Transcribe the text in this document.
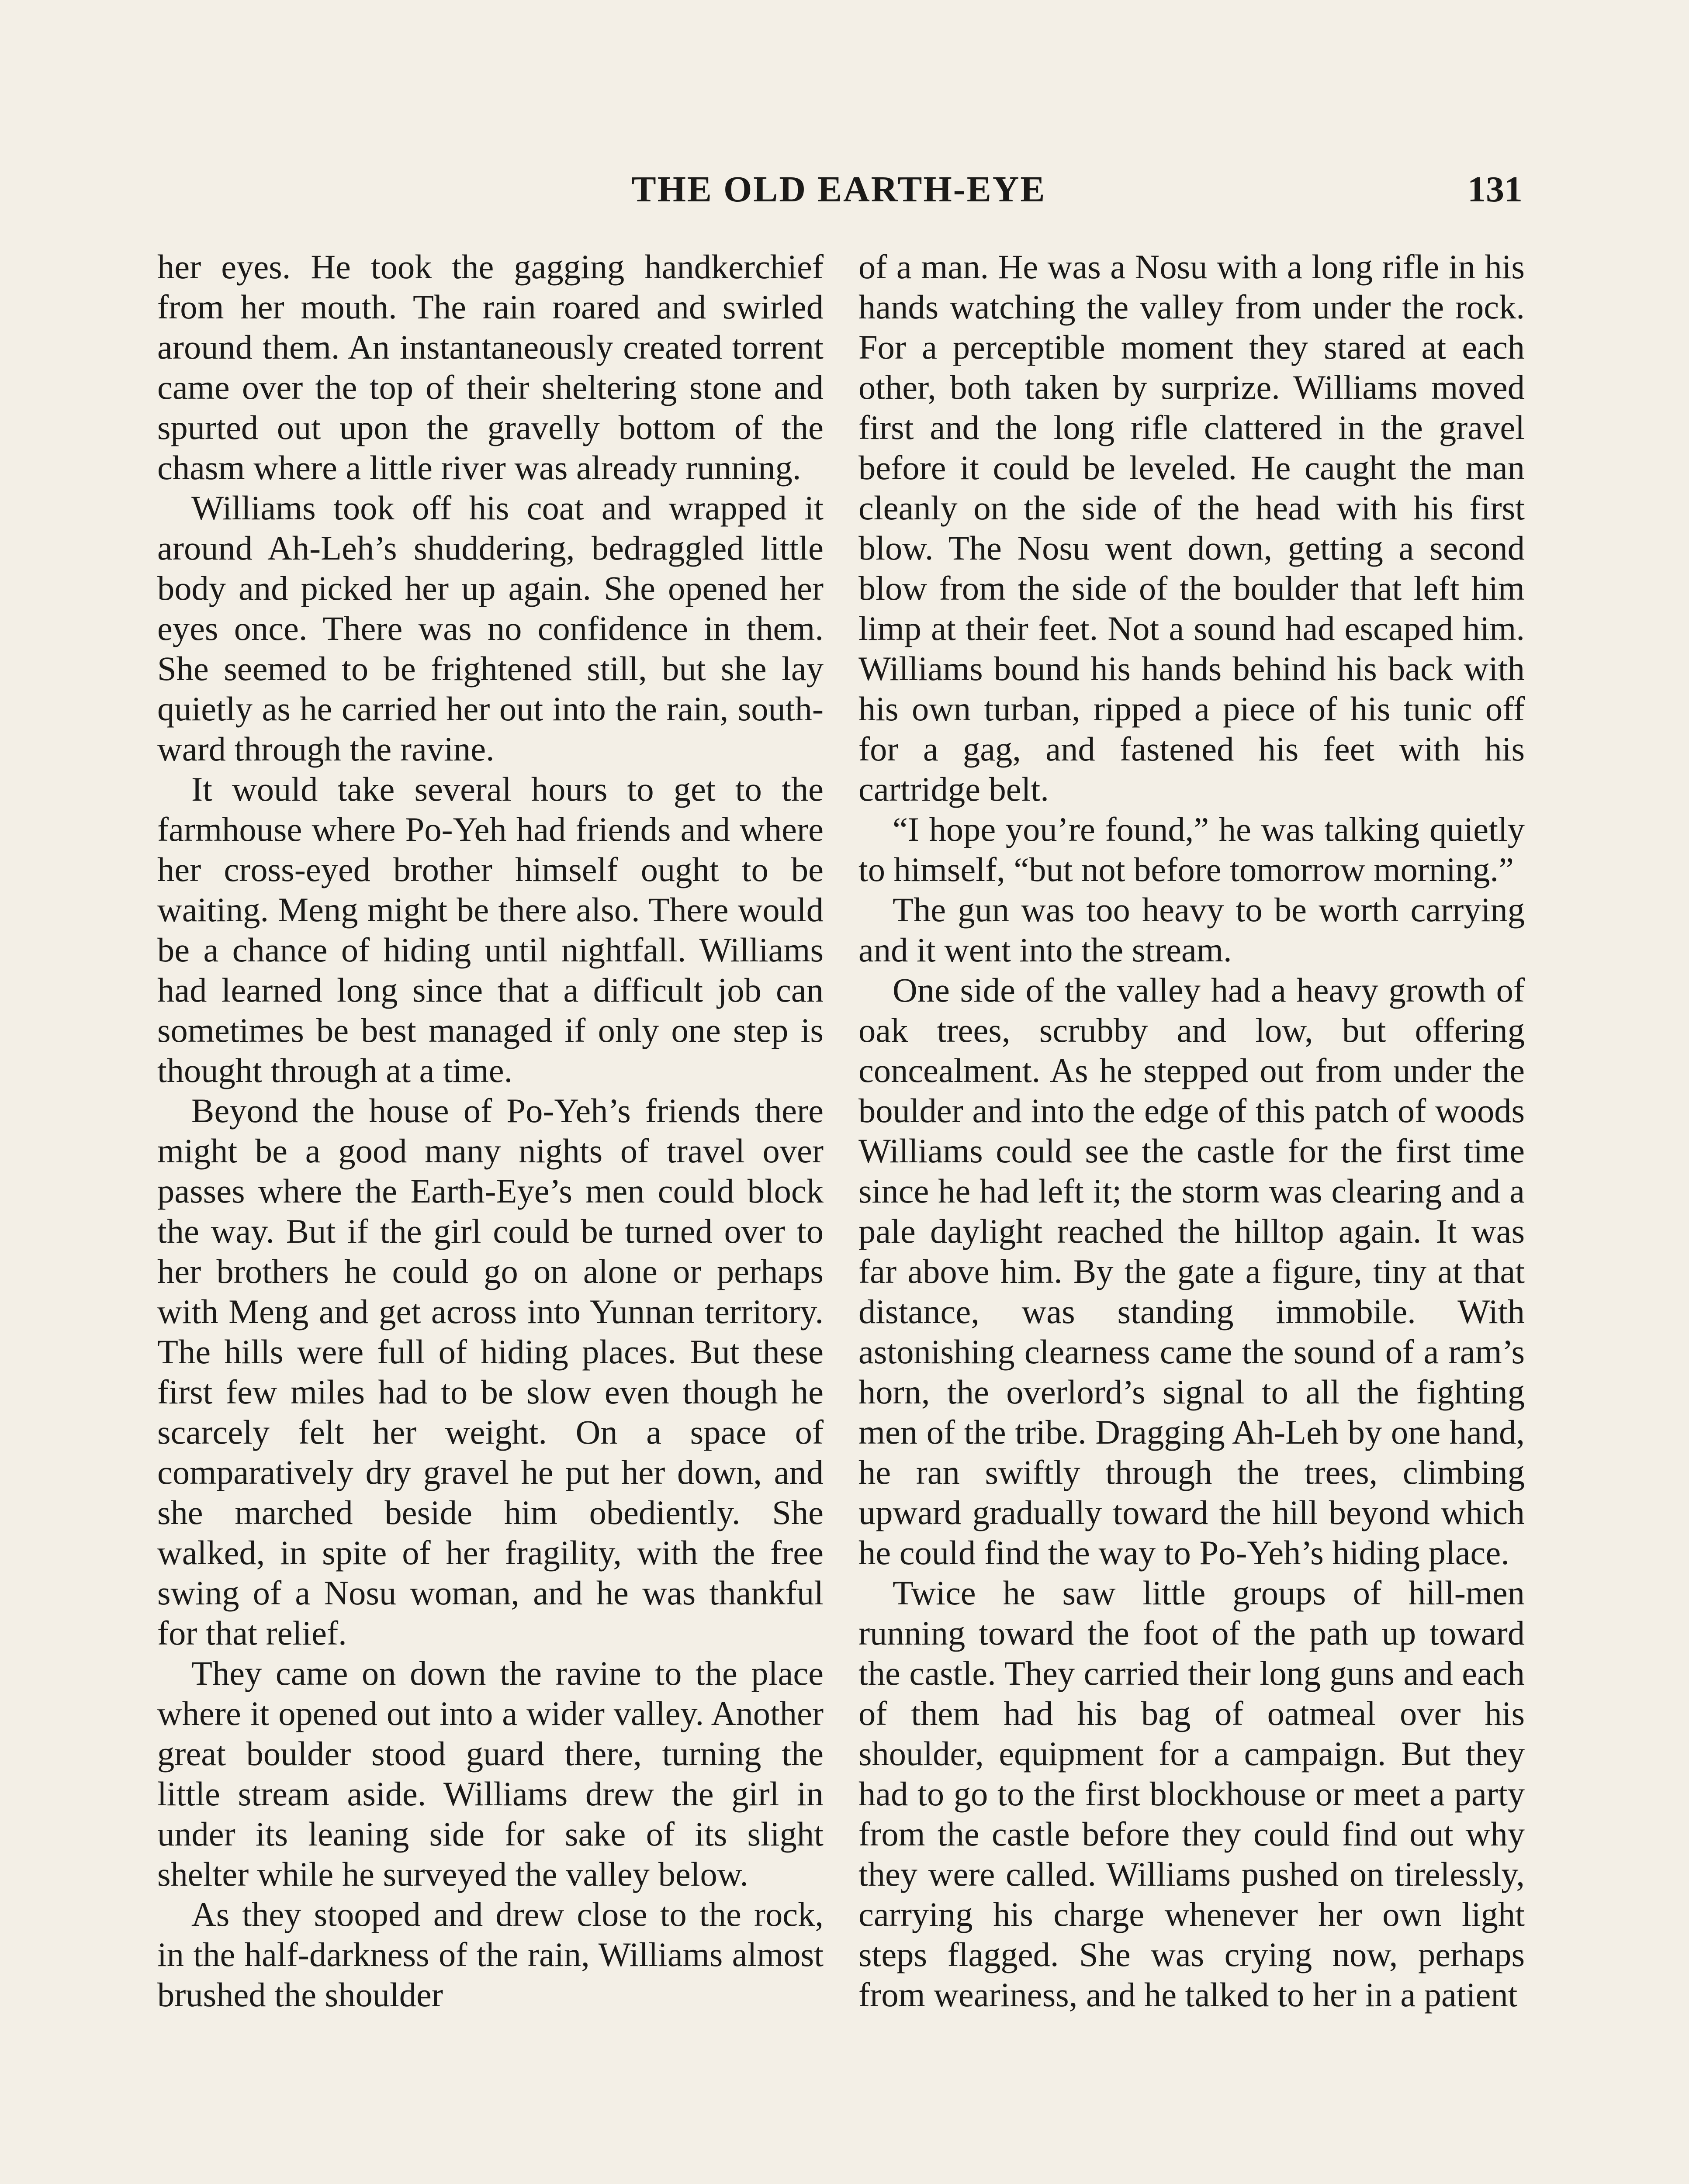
THE OLD EARTH-EYE	131

her eyes. He took the gagging handkerchief from her mouth. The rain roared and swirled around them. An instantaneously created torrent came over the top of their sheltering stone and spurted out upon the gravelly bottom of the chasm where a little river was already running.

Williams took off his coat and wrapped it around Ah-Leh’s shuddering, bedraggled little body and picked her up again. She opened her eyes once. There was no confidence in them. She seemed to be frightened still, but she lay quietly as he carried her out into the rain, southward through the ravine.

It would take several hours to get to the farmhouse where Po-Yeh had friends and where her cross-eyed brother himself ought to be waiting. Meng might be there also. There would be a chance of hiding until nightfall. Williams had learned long since that a difficult job can sometimes be best managed if only one step is thought through at a time.

Beyond the house of Po-Yeh’s friends there might be a good many nights of travel over passes where the Earth-Eye’s men could block the way. But if the girl could be turned over to her brothers he could go on alone or perhaps with Meng and get across into Yunnan territory. The hills were full of hiding places. But these first few miles had to be slow even though he scarcely felt her weight. On a space of comparatively dry gravel he put her down, and she marched beside him obediently. She walked, in spite of her fragility, with the free swing of a Nosu woman, and he was thankful for that relief.

They came on down the ravine to the place where it opened out into a wider valley. Another great boulder stood guard there, turning the little stream aside. Williams drew the girl in under its leaning side for sake of its slight shelter while he surveyed the valley below.

As they stooped and drew close to the rock, in the half-darkness of the rain, Williams almost brushed the shoulder

of a man. He was a Nosu with a long rifle in his hands watching the valley from under the rock. For a perceptible moment they stared at each other, both taken by surprize. Williams moved first and the long rifle clattered in the gravel before it could be leveled. He caught the man cleanly on the side of the head with his first blow. The Nosu went down, getting a second blow from the side of the boulder that left him limp at their feet. Not a sound had escaped him. Williams bound his hands behind his back with his own turban, ripped a piece of his tunic off for a gag, and fastened his feet with his cartridge belt.

“I hope you’re found,” he was talking quietly to himself, “but not before tomorrow morning.”

The gun was too heavy to be worth carrying and it went into the stream.

One side of the valley had a heavy growth of oak trees, scrubby and low, but offering concealment. As he stepped out from under the boulder and into the edge of this patch of woods Williams could see the castle for the first time since he had left it; the storm was clearing and a pale daylight reached the hilltop again. It was far above him. By the gate a figure, tiny at that distance, was standing immobile. With astonishing clearness came the sound of a ram’s horn, the overlord’s signal to all the fighting men of the tribe. Dragging Ah-Leh by one hand, he ran swiftly through the trees, climbing upward gradually toward the hill beyond which he could find the way to Po-Yeh’s hiding place.

Twice he saw little groups of hill-men running toward the foot of the path up toward the castle. They carried their long guns and each of them had his bag of oatmeal over his shoulder, equipment for a campaign. But they had to go to the first blockhouse or meet a party from the castle before they could find out why they were called. Williams pushed on tirelessly, carrying his charge whenever her own light steps flagged. She was crying now, perhaps from weariness, and he talked to her in a patient
